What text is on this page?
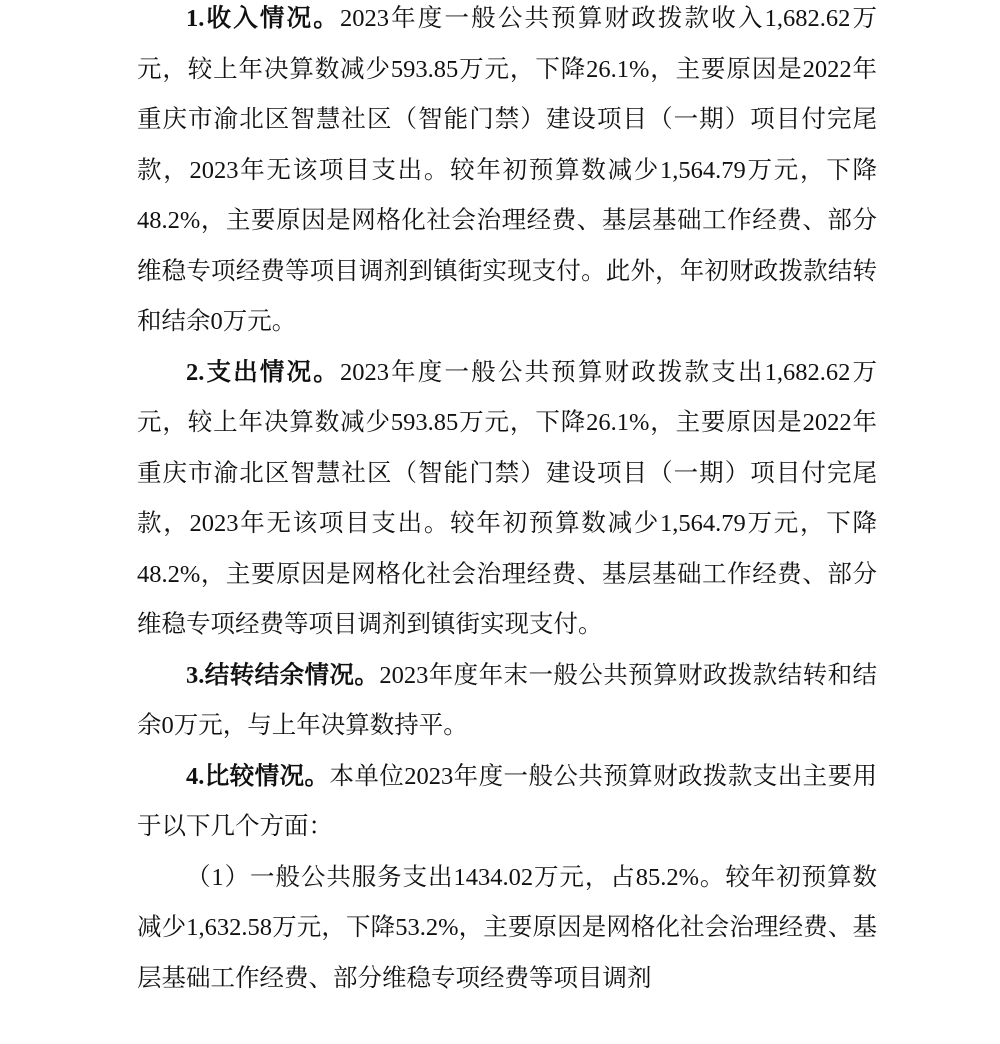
1.收入情况。2023年度一般公共预算财政拨款收入1,682.62万元，较上年决算数减少593.85万元，下降26.1%，主要原因是2022年重庆市渝北区智慧社区（智能门禁）建设项目（一期）项目付完尾款，2023年无该项目支出。较年初预算数减少1,564.79万元，下降48.2%，主要原因是网格化社会治理经费、基层基础工作经费、部分维稳专项经费等项目调剂到镇街实现支付。此外，年初财政拨款结转和结余0万元。

2.支出情况。2023年度一般公共预算财政拨款支出1,682.62万元，较上年决算数减少593.85万元，下降26.1%，主要原因是2022年重庆市渝北区智慧社区（智能门禁）建设项目（一期）项目付完尾款，2023年无该项目支出。较年初预算数减少1,564.79万元，下降48.2%，主要原因是网格化社会治理经费、基层基础工作经费、部分维稳专项经费等项目调剂到镇街实现支付。

3.结转结余情况。2023年度年末一般公共预算财政拨款结转和结余0万元，与上年决算数持平。

4.比较情况。本单位2023年度一般公共预算财政拨款支出主要用于以下几个方面：

（1）一般公共服务支出1434.02万元，占85.2%。较年初预算数减少1,632.58万元，下降53.2%，主要原因是网格化社会治理经费、基层基础工作经费、部分维稳专项经费等项目调剂
